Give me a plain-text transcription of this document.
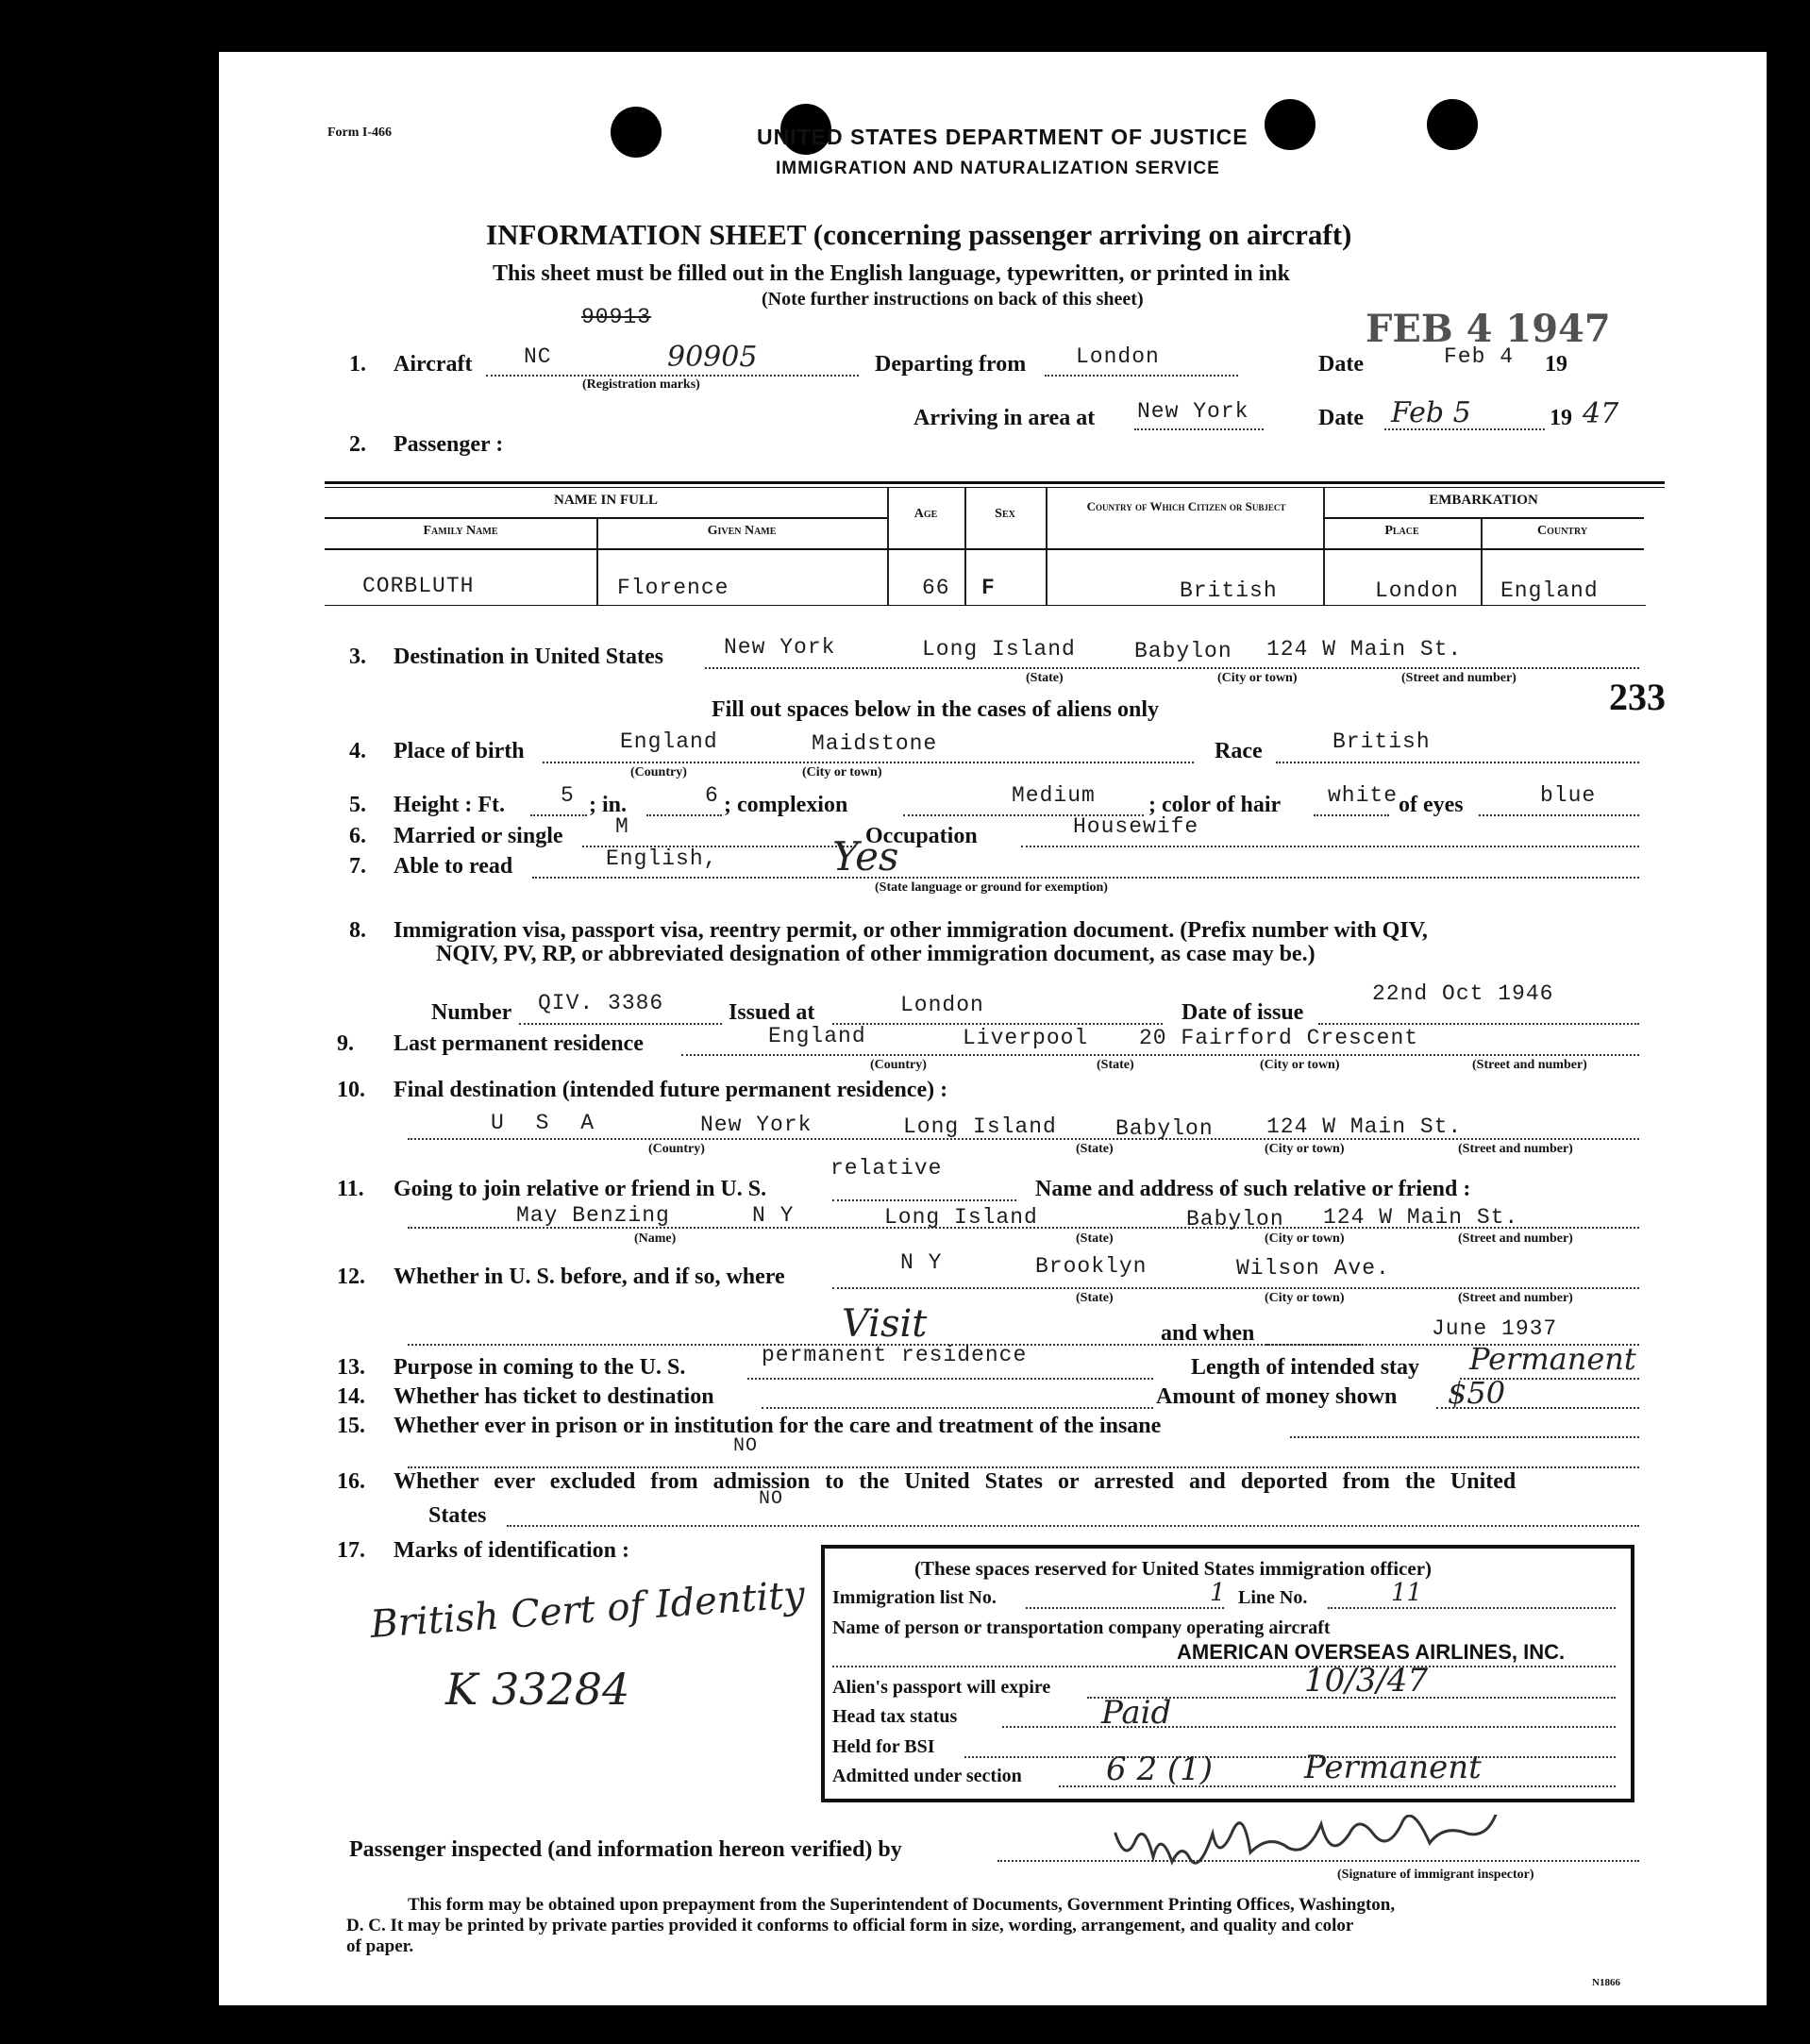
Form I-466	UNITED STATES DEPARTMENT OF JUSTICE
IMMIGRATION AND NATURALIZATION SERVICE
INFORMATION SHEET (concerning passenger arriving on aircraft)
This sheet must be filled out in the English language, typewritten, or printed in ink
(Note further instructions on back of this sheet)
1. Aircraft NC
90913
90905
(Registration marks)
Departing from London	Date	Feb 4 19
FEB 4 1947
Arriving in area at New York	Date Feb 5	19 47
2. Passenger :
NAME IN FULL
Family Name	Given Name
Age	Sex
Country of Which Citizen or Subject	EMBARKATION
Place	Country
CORBLUTH	Florence	66 F	British	London England
3. Destination in United States	New York	Long Island	Babylon 124 W Main St.
(State)	(City or town)	(Street and number) 233
Fill out spaces below in the cases of aliens only
4. Place of birth	England	Maidstone
(Country)	(City or town)
Race	British
5. Height : Ft.	5 ; in.	6 ; complexion	Medium ; color of hair white of eyes	blue
6. Married or single M	Occupation	Housewife
7. Able to read	English,	Yes
(State language or ground for exemption)
8. Immigration visa, passport visa, reentry permit, or other immigration document. (Prefix number with QIV,
NQIV, PV, RP, or abbreviated designation of other immigration document, as case may be.)
Number QIV. 3386	Issued at	London	Date of issue
22nd Oct 1946
9. Last permanent residence	England	Liverpool 20 Fairford Crescent
(Country)	(State)	(City or town)	(Street and number)
10. Final destination (intended future permanent residence) :
U S A	New York	Long Island	Babylon 124 W Main St.
(Country)	(State)	(City or town)	(Street and number)
11. Going to join relative or friend in U. S.
relative
Name and address of such relative or friend :
May Benzing	N Y	Long Island	Babylon 124 W Main St.
(Name)	(State)	(City or town)	(Street and number)
12. Whether in U. S. before, and if so, where
N Y	Brooklyn	Wilson Ave.
(State)	(City or town)	(Street and number)
Visit	and when	June 1937
13. Purpose in coming to the U. S.	permanent residence	Length of intended stay Permanent
14. Whether has ticket to destination	Amount of money shown $50
15. Whether ever in prison or in institution for the care and treatment of the insane
NO
16. Whether ever excluded from admission to the United States or arrested and deported from the United
States
NO
17. Marks of identification :
British Cert of Identity
K 33284
(These spaces reserved for United States immigration officer)
Immigration list No.	1 Line No.	11
Name of person or transportation company operating aircraft
AMERICAN OVERSEAS AIRLINES, INC.
Alien's passport will expire	10/3/47
Head tax status	Paid
Held for BSI
Admitted under section	6 2 (1)	Permanent
Passenger inspected (and information hereon verified) by
(Signature of immigrant inspector)
This form may be obtained upon prepayment from the Superintendent of Documents, Government Printing Offices, Washington,
D. C. It may be printed by private parties provided it conforms to official form in size, wording, arrangement, and quality and color
of paper.
N1866
